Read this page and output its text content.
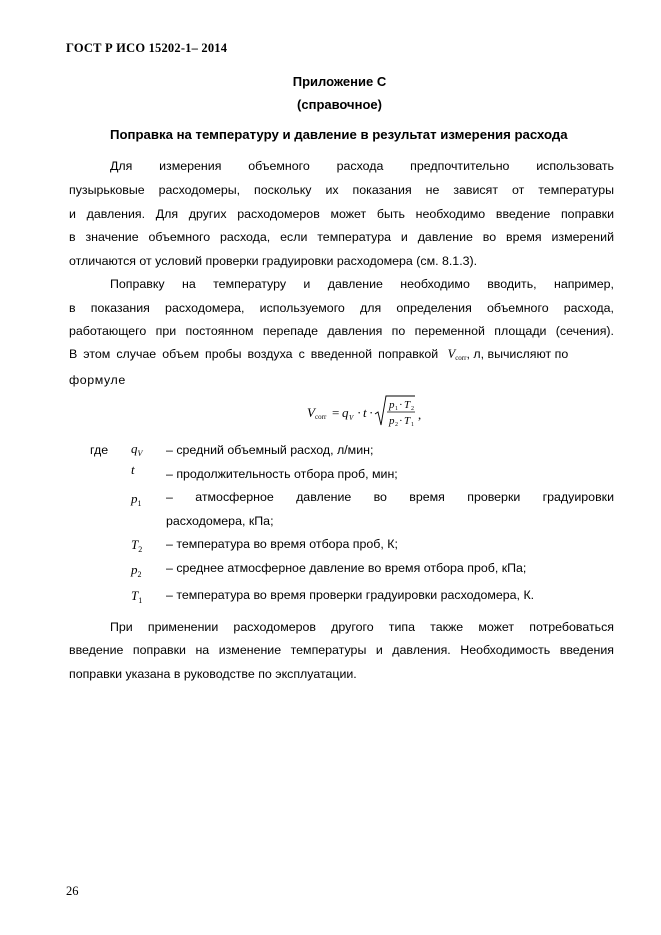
ГОСТ Р ИСО 15202-1– 2014
Приложение С
(справочное)
Поправка на температуру и давление в результат измерения расхода
Для измерения объемного расхода предпочтительно использовать
пузырьковые расходомеры, поскольку их показания не зависят от температуры
и давления. Для других расходомеров может быть необходимо введение поправки
в значение объемного расхода, если температура и давление во время измерений
отличаются от условий проверки градуировки расходомера (см. 8.1.3).
Поправку на температуру и давление необходимо вводить, например,
в показания расходомера, используемого для определения объемного расхода,
работающего при постоянном перепаде давления по переменной площади (сечения).
В этом случае объем пробы воздуха с введенной поправкой Vcorr, л, вычисляют по
формуле
V corr = q V · t · p 1 · T 2
p 2 · T 1
,
где $q_V$	– средний объемный расход, л/мин;
t	– продолжительность отбора проб, мин;
$p_1$	– атмосферное давление во время проверки градуировки
расходомера, кПа;
$T_2$	– температура во время отбора проб, К;
$p_2$	– среднее атмосферное давление во время отбора проб, кПа;
$T_1$	– температура во время проверки градуировки расходомера, К.
При применении расходомеров другого типа также может потребоваться
введение поправки на изменение температуры и давления. Необходимость введения
поправки указана в руководстве по эксплуатации.
26
